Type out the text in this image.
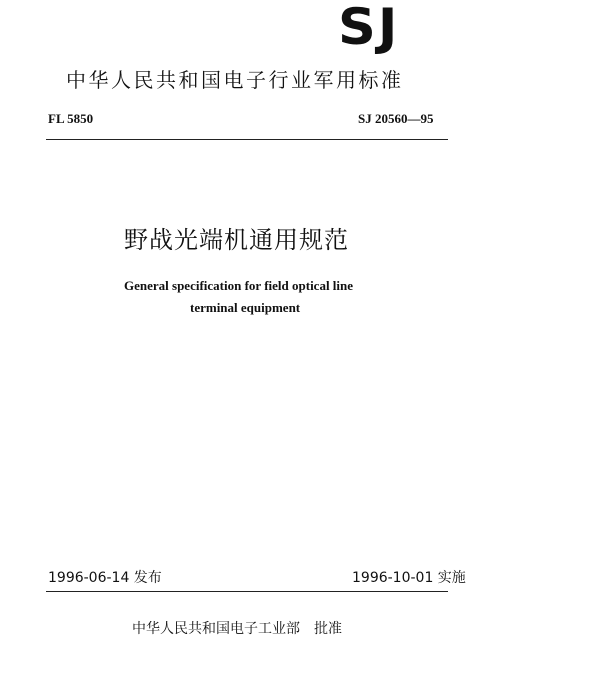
SJ
中华人民共和国电子行业军用标准
FL 5850	SJ 20560—95
野战光端机通用规范
General specification for field optical line
terminal equipment
1996-06-14 发布	1996-10-01 实施
中华人民共和国电子工业部 批准
